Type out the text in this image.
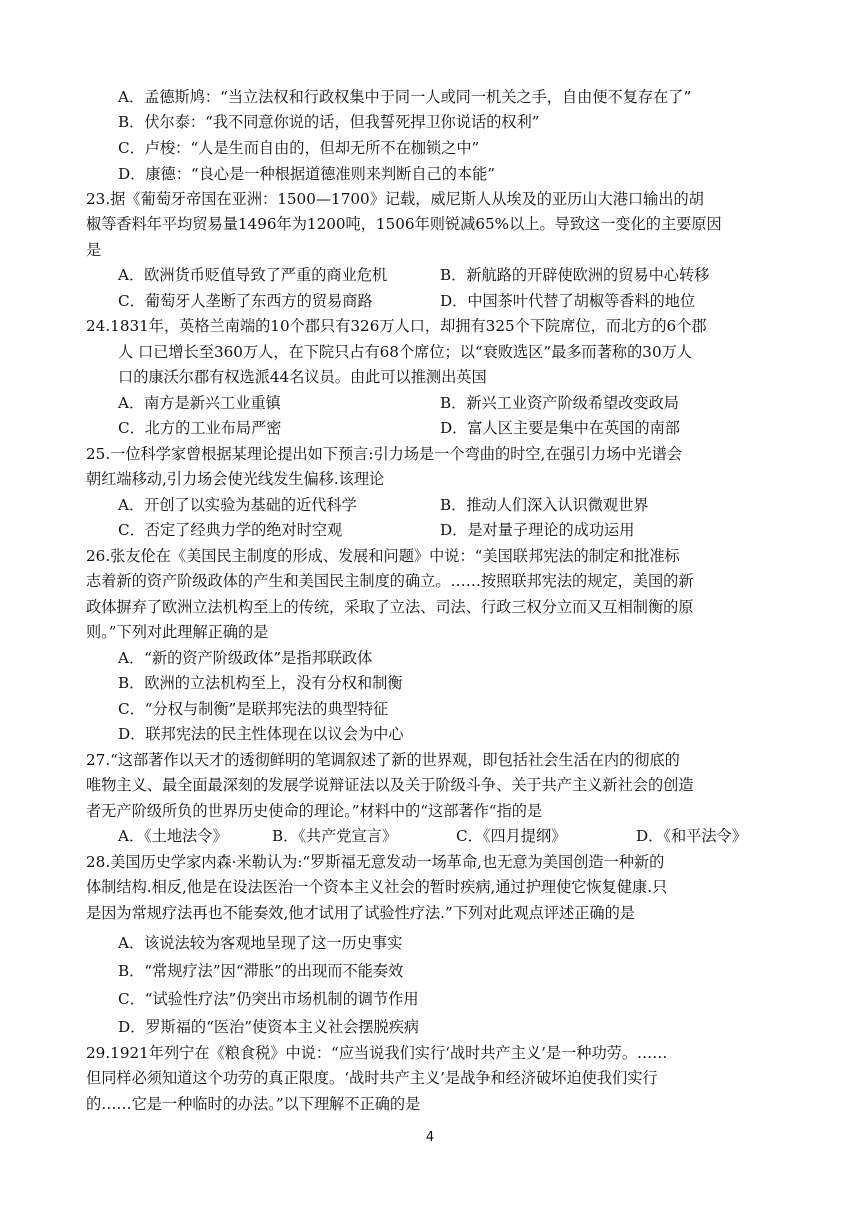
A．孟德斯鸠：“当立法权和行政权集中于同一人或同一机关之手，自由便不复存在了”
B．伏尔泰：“我不同意你说的话，但我誓死捍卫你说话的权利”
C．卢梭：“人是生而自由的，但却无所不在枷锁之中”
D．康德：“良心是一种根据道德准则来判断自己的本能”
23.据《葡萄牙帝国在亚洲：1500—1700》记载，威尼斯人从埃及的亚历山大港口输出的胡
椒等香料年平均贸易量1496年为1200吨，1506年则锐减65%以上。导致这一变化的主要原因
是
A．欧洲货币贬值导致了严重的商业危机	B．新航路的开辟使欧洲的贸易中心转移
C．葡萄牙人垄断了东西方的贸易商路	D．中国茶叶代替了胡椒等香料的地位
24.1831年，英格兰南端的10个郡只有326万人口，却拥有325个下院席位，而北方的6个郡
人 口已增长至360万人，在下院只占有68个席位；以“衰败选区”最多而著称的30万人
口的康沃尔郡有权选派44名议员。由此可以推测出英国
A．南方是新兴工业重镇	B．新兴工业资产阶级希望改变政局
C．北方的工业布局严密	D．富人区主要是集中在英国的南部
25.一位科学家曾根据某理论提出如下预言:引力场是一个弯曲的时空,在强引力场中光谱会
朝红端移动,引力场会使光线发生偏移.该理论
A．开创了以实验为基础的近代科学	B．推动人们深入认识微观世界
C．否定了经典力学的绝对时空观	D．是对量子理论的成功运用
26.张友伦在《美国民主制度的形成、发展和问题》中说：“美国联邦宪法的制定和批准标
志着新的资产阶级政体的产生和美国民主制度的确立。……按照联邦宪法的规定，美国的新
政体摒弃了欧洲立法机构至上的传统，采取了立法、司法、行政三权分立而又互相制衡的原
则。”下列对此理解正确的是
A．“新的资产阶级政体”是指邦联政体
B．欧洲的立法机构至上，没有分权和制衡
C．“分权与制衡”是联邦宪法的典型特征
D．联邦宪法的民主性体现在以议会为中心
27.“这部著作以天才的透彻鲜明的笔调叙述了新的世界观，即包括社会生活在内的彻底的
唯物主义、最全面最深刻的发展学说辩证法以及关于阶级斗争、关于共产主义新社会的创造
者无产阶级所负的世界历史使命的理论。”材料中的“这部著作“指的是
A．《土地法令》	B．《共产党宣言》	C．《四月提纲》	D．《和平法令》
28.美国历史学家内森·米勒认为:“罗斯福无意发动一场革命,也无意为美国创造一种新的
体制结构.相反,他是在设法医治一个资本主义社会的暂时疾病,通过护理使它恢复健康.只
是因为常规疗法再也不能奏效,他才试用了试验性疗法.”下列对此观点评述正确的是
A．该说法较为客观地呈现了这一历史事实
B．“常规疗法”因“滞胀”的出现而不能奏效
C．“试验性疗法”仍突出市场机制的调节作用
D．罗斯福的“医治”使资本主义社会摆脱疾病
29.1921年列宁在《粮食税》中说：“应当说我们实行‘战时共产主义’是一种功劳。……
但同样必须知道这个功劳的真正限度。‘战时共产主义’是战争和经济破坏迫使我们实行
的……它是一种临时的办法。”以下理解不正确的是
4
